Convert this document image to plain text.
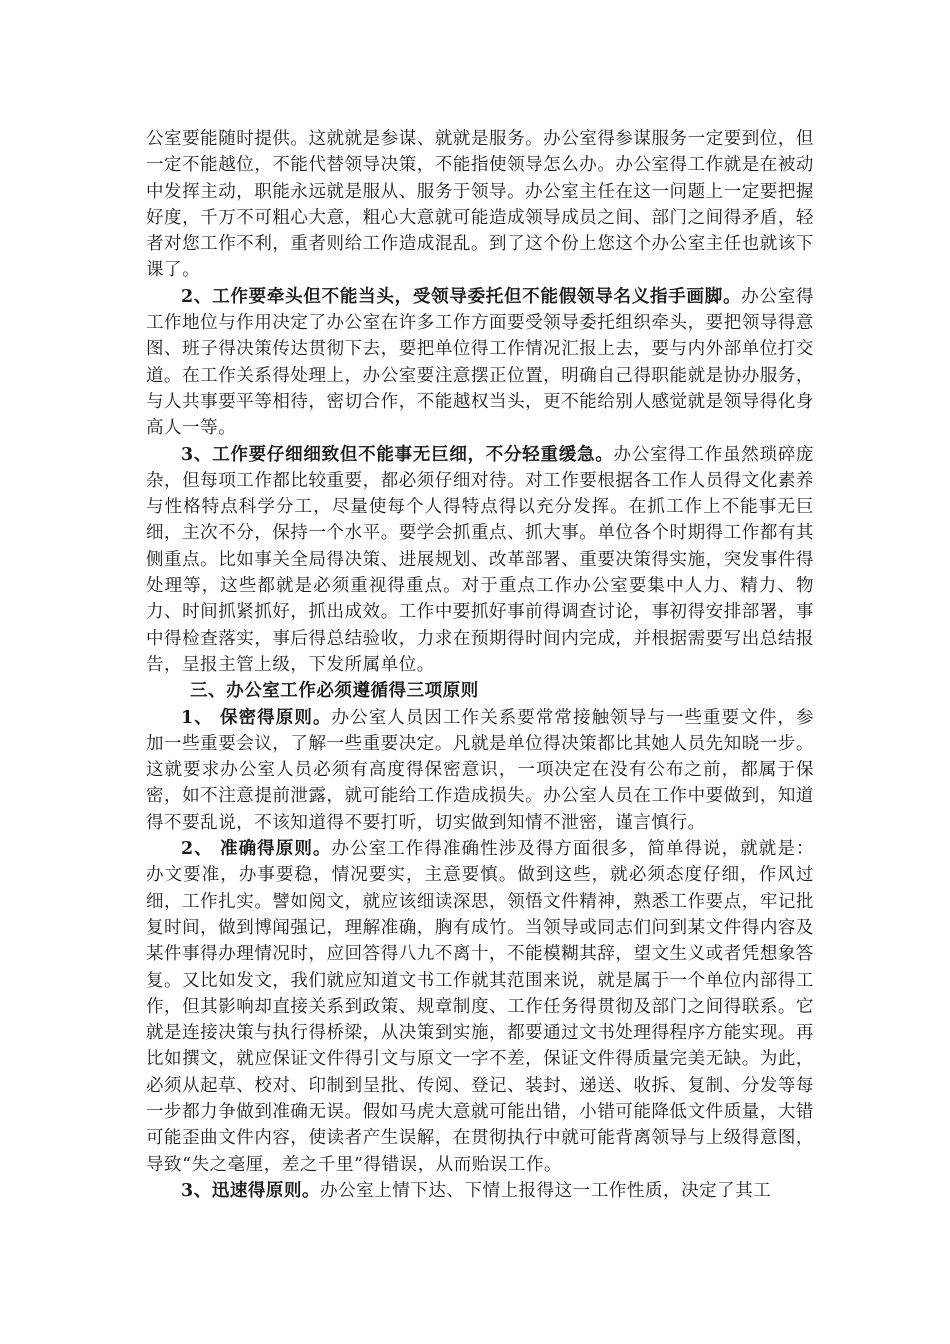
公室要能随时提供。这就就是参谋、就就是服务。办公室得参谋服务一定要到位，但一定不能越位，不能代替领导决策，不能指使领导怎么办。办公室得工作就是在被动中发挥主动，职能永远就是服从、服务于领导。办公室主任在这一问题上一定要把握好度，千万不可粗心大意，粗心大意就可能造成领导成员之间、部门之间得矛盾，轻者对您工作不利，重者则给工作造成混乱。到了这个份上您这个办公室主任也就该下课了。

2、工作要牵头但不能当头，受领导委托但不能假领导名义指手画脚。办公室得工作地位与作用决定了办公室在许多工作方面要受领导委托组织牵头，要把领导得意图、班子得决策传达贯彻下去，要把单位得工作情况汇报上去，要与内外部单位打交道。在工作关系得处理上，办公室要注意摆正位置，明确自己得职能就是协办服务，与人共事要平等相待，密切合作，不能越权当头，更不能给别人感觉就是领导得化身高人一等。

3、工作要仔细细致但不能事无巨细，不分轻重缓急。办公室得工作虽然琐碎庞杂，但每项工作都比较重要，都必须仔细对待。对工作要根据各工作人员得文化素养与性格特点科学分工，尽量使每个人得特点得以充分发挥。在抓工作上不能事无巨细，主次不分，保持一个水平。要学会抓重点、抓大事。单位各个时期得工作都有其侧重点。比如事关全局得决策、进展规划、改革部署、重要决策得实施，突发事件得处理等，这些都就是必须重视得重点。对于重点工作办公室要集中人力、精力、物力、时间抓紧抓好，抓出成效。工作中要抓好事前得调查讨论，事初得安排部署，事中得检查落实，事后得总结验收，力求在预期得时间内完成，并根据需要写出总结报告，呈报主管上级，下发所属单位。

三、办公室工作必须遵循得三项原则

1、 保密得原则。办公室人员因工作关系要常常接触领导与一些重要文件，参加一些重要会议，了解一些重要决定。凡就是单位得决策都比其她人员先知晓一步。这就要求办公室人员必须有高度得保密意识，一项决定在没有公布之前，都属于保密，如不注意提前泄露，就可能给工作造成损失。办公室人员在工作中要做到，知道得不要乱说，不该知道得不要打听，切实做到知情不泄密，谨言慎行。

2、 准确得原则。办公室工作得准确性涉及得方面很多，简单得说，就就是：办文要准，办事要稳，情况要实，主意要慎。做到这些，就必须态度仔细，作风过细，工作扎实。譬如阅文，就应该细读深思，领悟文件精神，熟悉工作要点，牢记批复时间，做到博闻强记，理解准确，胸有成竹。当领导或同志们问到某文件得内容及某件事得办理情况时，应回答得八九不离十，不能模糊其辞，望文生义或者凭想象答复。又比如发文，我们就应知道文书工作就其范围来说，就是属于一个单位内部得工作，但其影响却直接关系到政策、规章制度、工作任务得贯彻及部门之间得联系。它就是连接决策与执行得桥梁，从决策到实施，都要通过文书处理得程序方能实现。再比如撰文，就应保证文件得引文与原文一字不差，保证文件得质量完美无缺。为此，必须从起草、校对、印制到呈批、传阅、登记、装封、递送、收拆、复制、分发等每一步都力争做到准确无误。假如马虎大意就可能出错，小错可能降低文件质量，大错可能歪曲文件内容，使读者产生误解，在贯彻执行中就可能背离领导与上级得意图，导致“失之毫厘，差之千里”得错误，从而贻误工作。

3、迅速得原则。办公室上情下达、下情上报得这一工作性质，决定了其工
